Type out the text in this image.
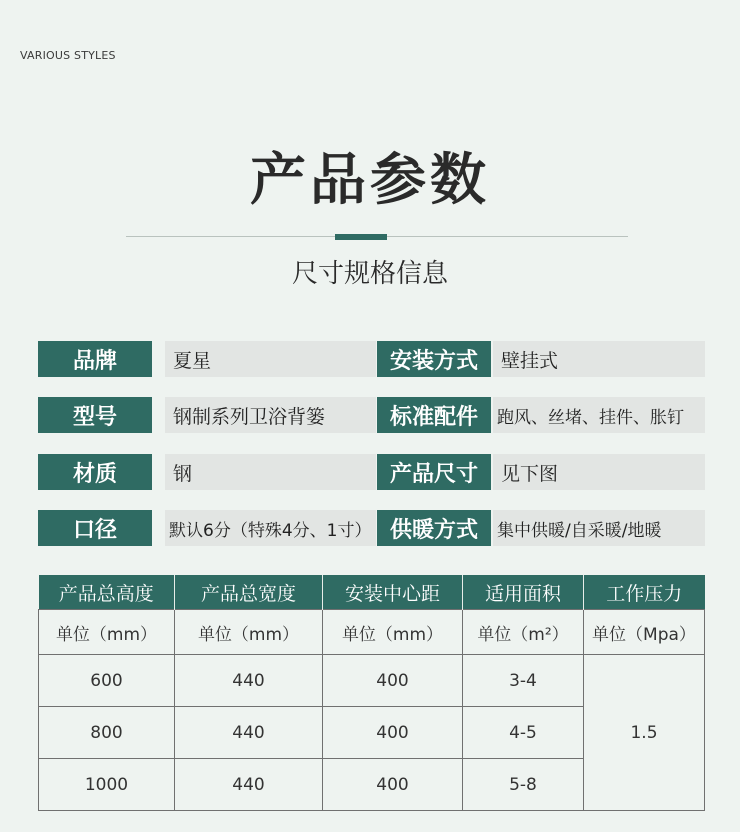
VARIOUS STYLES
产品参数
尺寸规格信息
品牌	夏星
型号	钢制系列卫浴背篓
材质	钢
口径	默认6分（特殊4分、1寸）
安装方式	壁挂式
标准配件	跑风、丝堵、挂件、胀钉
产品尺寸	见下图
供暖方式	集中供暖/自采暖/地暖
产品总高度	产品总宽度	安装中心距	适用面积	工作压力
单位（mm）	单位（mm）	单位（mm）	单位（m²）	单位（Mpa）
600	440	400	3-4	1.5
800	440	400	4-5	
1000	440	400	5-8	
